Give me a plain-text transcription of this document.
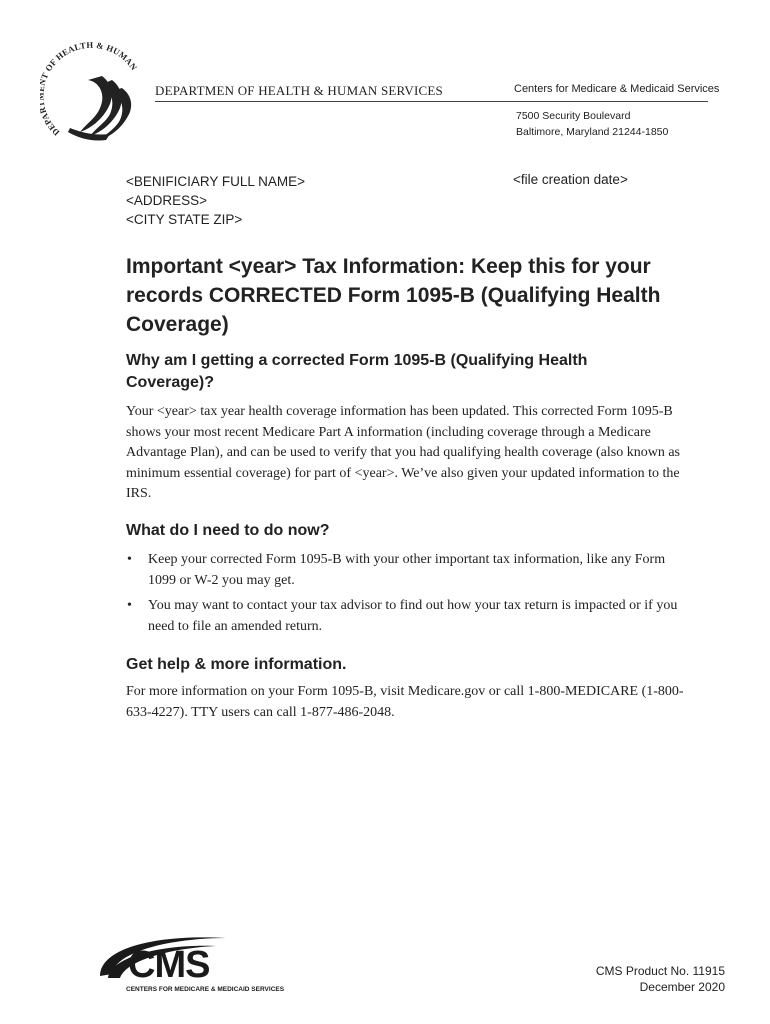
DEPA T OF HEALTH & HUMAN
DEPARTMEN OF HEALTH & HUMAN SERVICES	Centers for Medicare & Medicaid Services
7500 Security Boulevard
Baltimore, Maryland 21244-1850
<BENIFICIARY FULL NAME>
<ADDRESS>
<CITY STATE ZIP>
<file creation date>
Important <year> Tax Information: Keep this for your records CORRECTED Form 1095-B (Qualifying Health Coverage)
Why am I getting a corrected Form 1095-B (Qualifying Health Coverage)?

Your <year> tax year health coverage information has been updated. This corrected Form 1095-B shows your most recent Medicare Part A information (including coverage through a Medicare Advantage Plan), and can be used to verify that you had qualifying health coverage (also known as minimum essential coverage) for part of <year>. We’ve also given your updated information to the IRS.

What do I need to do now?
• Keep your corrected Form 1095-B with your other important tax information, like any Form 1099 or W-2 you may get.
• You may want to contact your tax advisor to find out how your tax return is impacted or if you need to file an amended return.
Get help & more information.

For more information on your Form 1095-B, visit Medicare.gov or call 1-800-MEDICARE (1-800-633-4227). TTY users can call 1-877-486-2048.

CMS
CENTERS FOR MEDICARE & MEDICAID SERVICES
CMS Product No. 11915
December 2020
